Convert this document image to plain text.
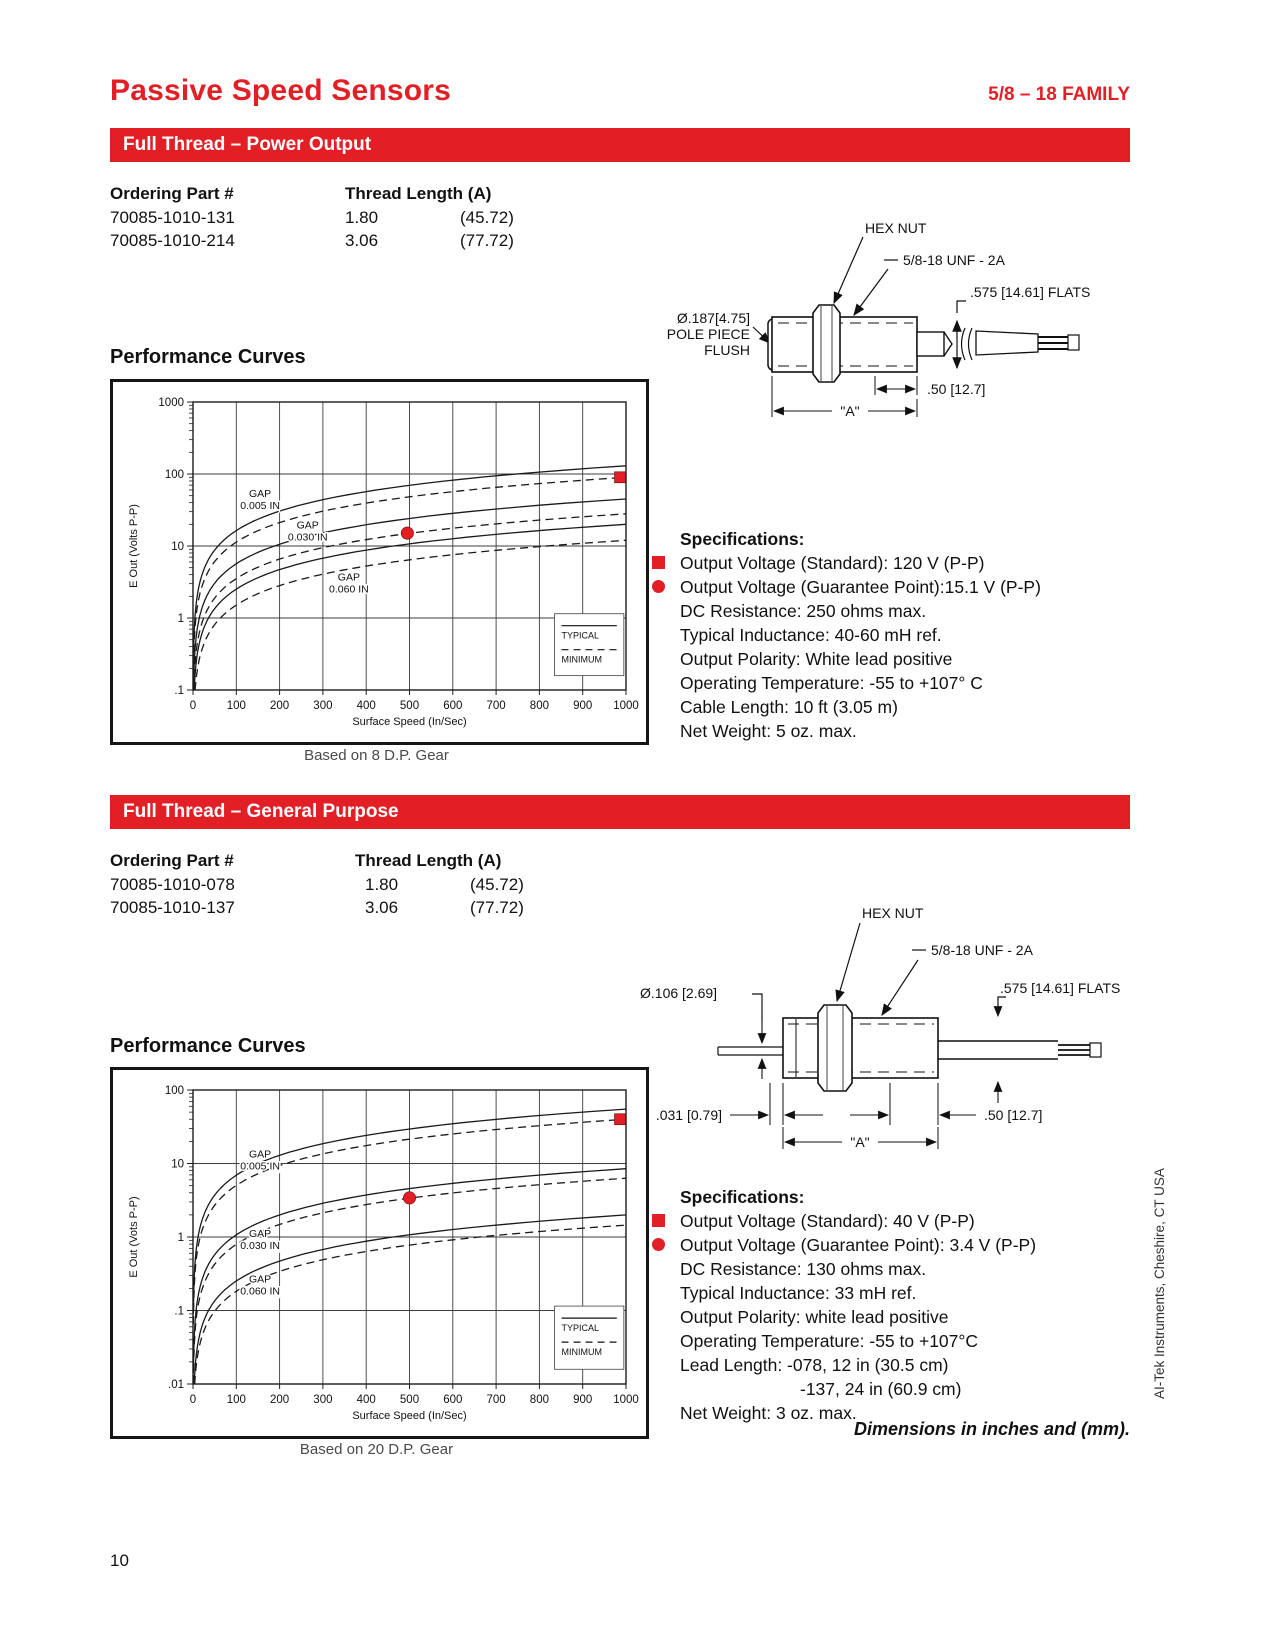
Passive Speed Sensors	5/8 – 18 FAMILY
Full Thread – Power Output
Ordering Part #	Thread Length (A)
70085-1010-131	1.80	(45.72)
70085-1010-214	3.06	(77.72)
HEX NUT
5/8-18 UNF - 2A
.575 [14.61] FLATS
Ø.187[4.75]
POLE PIECE
FLUSH
.50 [12.7]
"A"
Performance Curves
0	100 200 300 400 500 600 700 800 900 1000
1000
100
10
1
.1
GAP
0.005 IN
GAP
0.030 IN
GAP
0.060 IN
TYPICAL
MINIMUM
Surface Speed (In/Sec)
E Out (Volts P-P)
Based on 8 D.P. Gear
Specifications:
Output Voltage (Standard): 120 V (P-P)
Output Voltage (Guarantee Point):15.1 V (P-P)
DC Resistance: 250 ohms max.
Typical Inductance: 40-60 mH ref.
Output Polarity: White lead positive
Operating Temperature: -55 to +107° C
Cable Length: 10 ft (3.05 m)
Net Weight: 5 oz. max.
Full Thread – General Purpose
Ordering Part #	Thread Length (A)
70085-1010-078	1.80	(45.72)
70085-1010-137	3.06	(77.72)	HEX NUT
5/8-18 UNF - 2A
Ø.106 [2.69]	.575 [14.61] FLATS
.031 [0.79]	.50 [12.7]
"A"
Performance Curves
0	100 200 300 400 500 600 700 800 900 1000
100
10
1
.1
.01
GAP
0.005 IN
GAP
0.030 IN
GAP
0.060 IN
TYPICAL
MINIMUM
Surface Speed (In/Sec)
E Out (Vots P-P)
Based on 20 D.P. Gear
Specifications:
Output Voltage (Standard): 40 V (P-P)
Output Voltage (Guarantee Point): 3.4 V (P-P)
DC Resistance: 130 ohms max.
Typical Inductance: 33 mH ref.
Output Polarity: white lead positive
Operating Temperature: -55 to +107°C
Lead Length: -078, 12 in (30.5 cm)
-137, 24 in (60.9 cm)
Net Weight: 3 oz. max.
Dimensions in inches and (mm).
AI-Tek Instruments, Cheshire, CT USA
10
